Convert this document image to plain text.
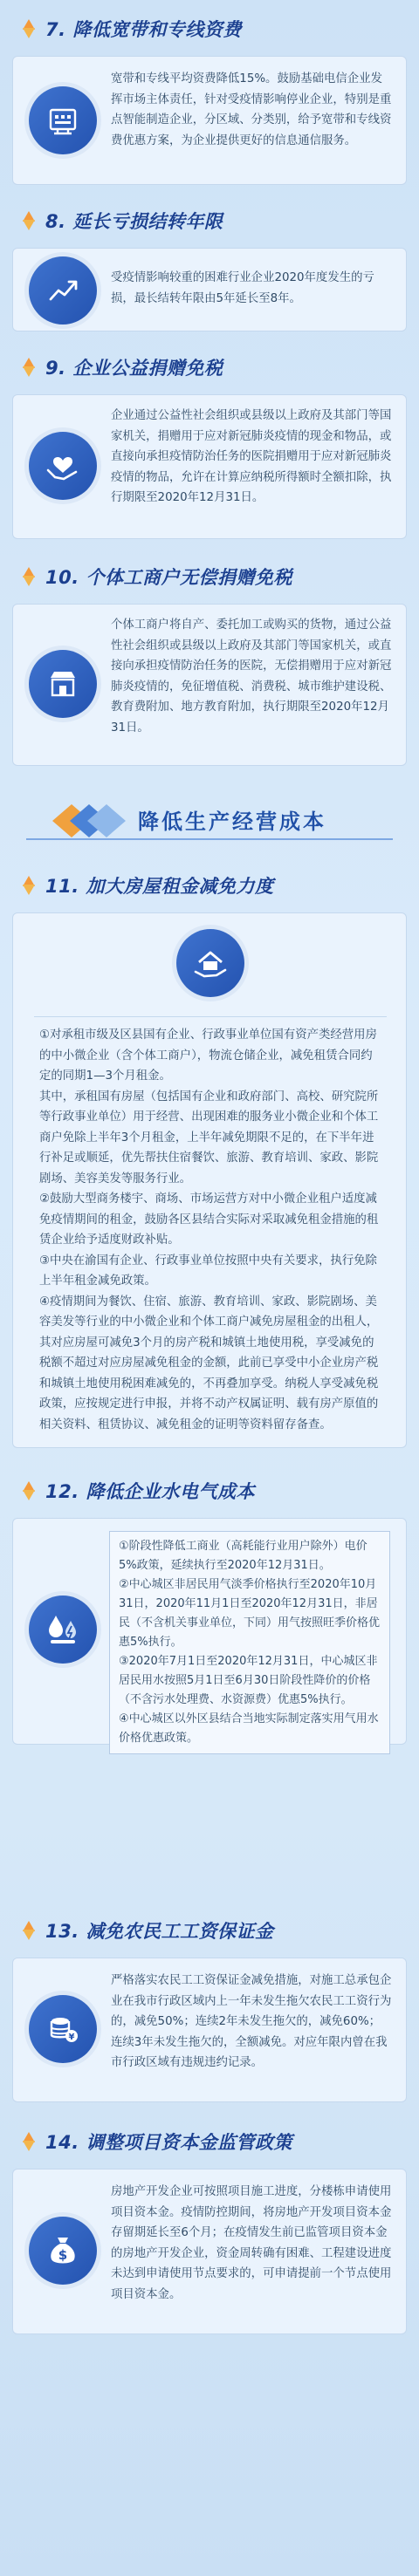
7. 降低宽带和专线资费
宽带和专线平均资费降低15%。鼓励基础电信企业发挥市场主体责任，针对受疫情影响停业企业，特别是重点智能制造企业，分区域、分类别，给予宽带和专线资费优惠方案，为企业提供更好的信息通信服务。
8. 延长亏损结转年限
受疫情影响较重的困难行业企业2020年度发生的亏损，最长结转年限由5年延长至8年。
9. 企业公益捐赠免税
企业通过公益性社会组织或县级以上政府及其部门等国家机关，捐赠用于应对新冠肺炎疫情的现金和物品，或直接向承担疫情防治任务的医院捐赠用于应对新冠肺炎疫情的物品，允许在计算应纳税所得额时全额扣除，执行期限至2020年12月31日。
10. 个体工商户无偿捐赠免税
个体工商户将自产、委托加工或购买的货物，通过公益性社会组织或县级以上政府及其部门等国家机关，或直接向承担疫情防治任务的医院，无偿捐赠用于应对新冠肺炎疫情的，免征增值税、消费税、城市维护建设税、教育费附加、地方教育附加，执行期限至2020年12月31日。
降低生产经营成本
11. 加大房屋租金减免力度

①对承租市级及区县国有企业、行政事业单位国有资产类经营用房的中小微企业（含个体工商户），物流仓储企业，减免租赁合同约定的同期1—3个月租金。

其中，承租国有房屋（包括国有企业和政府部门、高校、研究院所等行政事业单位）用于经营、出现困难的服务业小微企业和个体工商户免除上半年3个月租金，上半年减免期限不足的，在下半年进行补足或顺延，优先帮扶住宿餐饮、旅游、教育培训、家政、影院剧场、美容美发等服务行业。

②鼓励大型商务楼宇、商场、市场运营方对中小微企业租户适度减免疫情期间的租金，鼓励各区县结合实际对采取减免租金措施的租赁企业给予适度财政补贴。

③中央在渝国有企业、行政事业单位按照中央有关要求，执行免除上半年租金减免政策。

④疫情期间为餐饮、住宿、旅游、教育培训、家政、影院剧场、美容美发等行业的中小微企业和个体工商户减免房屋租金的出租人，其对应房屋可减免3个月的房产税和城镇土地使用税，享受减免的税额不超过对应房屋减免租金的金额，此前已享受中小企业房产税和城镇土地使用税困难减免的，不再叠加享受。纳税人享受减免税政策，应按规定进行申报，并将不动产权属证明、载有房产原值的相关资料、租赁协议、减免租金的证明等资料留存备查。

12. 降低企业水电气成本

①阶段性降低工商业（高耗能行业用户除外）电价5%政策，延续执行至2020年12月31日。

②中心城区非居民用气淡季价格执行至2020年10月31日，2020年11月1日至2020年12月31日，非居民（不含机关事业单位，下同）用气按照旺季价格优惠5%执行。

③2020年7月1日至2020年12月31日，中心城区非居民用水按照5月1日至6月30日阶段性降价的价格（不含污水处理费、水资源费）优惠5%执行。

④中心城区以外区县结合当地实际制定落实用气用水价格优惠政策。

13. 减免农民工工资保证金
¥
严格落实农民工工资保证金减免措施，对施工总承包企业在我市行政区域内上一年未发生拖欠农民工工资行为的，减免50%；连续2年未发生拖欠的，减免60%；连续3年未发生拖欠的，全额减免。对应年限内曾在我市行政区域有违规违约记录。
14. 调整项目资本金监管政策
$
房地产开发企业可按照项目施工进度，分楼栋申请使用项目资本金。疫情防控期间，将房地产开发项目资本金存留期延长至6个月；在疫情发生前已监管项目资本金的房地产开发企业，资金周转确有困难、工程建设进度未达到申请使用节点要求的，可申请提前一个节点使用项目资本金。
